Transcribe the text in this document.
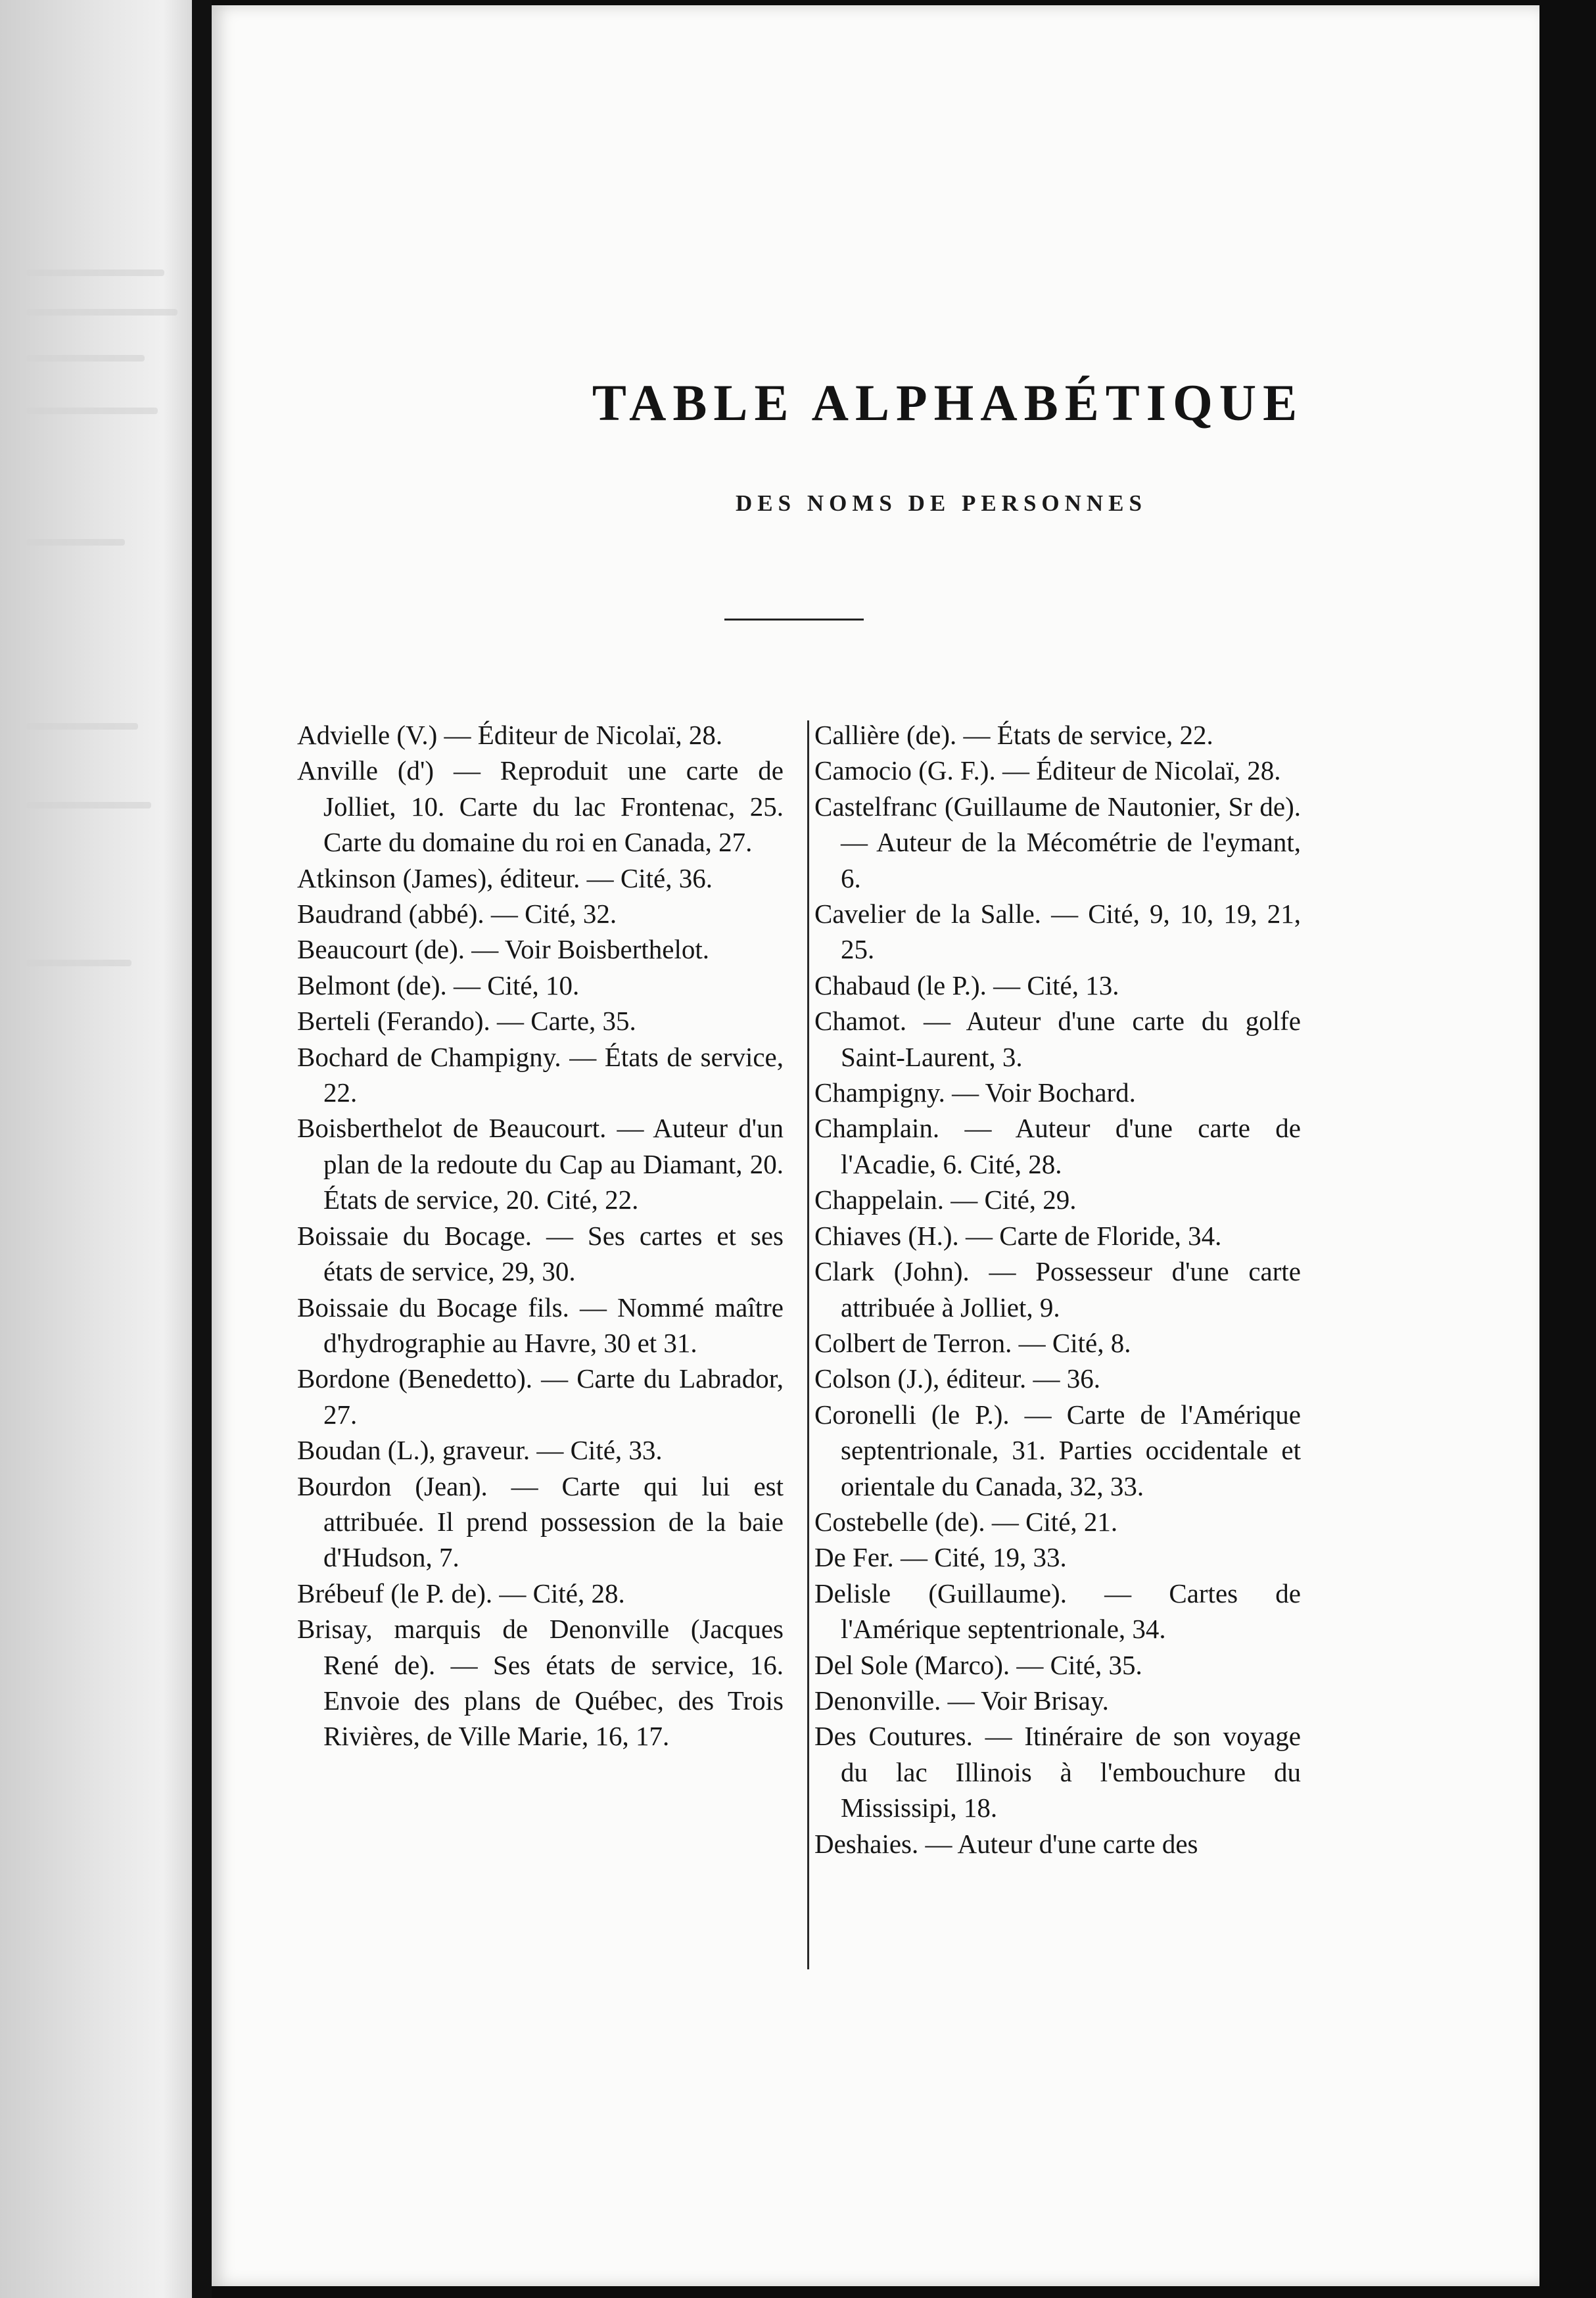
TABLE ALPHABÉTIQUE
DES NOMS DE PERSONNES

Advielle (V.) — Éditeur de Nicolaï, 28.

Anville (d') — Reproduit une carte de Jolliet, 10. Carte du lac Frontenac, 25. Carte du domaine du roi en Canada, 27.

Atkinson (James), éditeur. — Cité, 36.

Baudrand (abbé). — Cité, 32.

Beaucourt (de). — Voir Boisberthelot.

Belmont (de). — Cité, 10.

Berteli (Ferando). — Carte, 35.

Bochard de Champigny. — États de service, 22.

Boisberthelot de Beaucourt. — Auteur d'un plan de la redoute du Cap au Diamant, 20. États de service, 20. Cité, 22.

Boissaie du Bocage. — Ses cartes et ses états de service, 29, 30.

Boissaie du Bocage fils. — Nommé maître d'hydrographie au Havre, 30 et 31.

Bordone (Benedetto). — Carte du Labrador, 27.

Boudan (L.), graveur. — Cité, 33.

Bourdon (Jean). — Carte qui lui est attribuée. Il prend possession de la baie d'Hudson, 7.

Brébeuf (le P. de). — Cité, 28.

Brisay, marquis de Denonville (Jacques René de). — Ses états de service, 16. Envoie des plans de Québec, des Trois Rivières, de Ville Marie, 16, 17.

Callière (de). — États de service, 22.

Camocio (G. F.). — Éditeur de Nicolaï, 28.

Castelfranc (Guillaume de Nautonier, Sr de). — Auteur de la Mécométrie de l'eymant, 6.

Cavelier de la Salle. — Cité, 9, 10, 19, 21, 25.

Chabaud (le P.). — Cité, 13.

Chamot. — Auteur d'une carte du golfe Saint-Laurent, 3.

Champigny. — Voir Bochard.

Champlain. — Auteur d'une carte de l'Acadie, 6. Cité, 28.

Chappelain. — Cité, 29.

Chiaves (H.). — Carte de Floride, 34.

Clark (John). — Possesseur d'une carte attribuée à Jolliet, 9.

Colbert de Terron. — Cité, 8.

Colson (J.), éditeur. — 36.

Coronelli (le P.). — Carte de l'Amérique septentrionale, 31. Parties occidentale et orientale du Canada, 32, 33.

Costebelle (de). — Cité, 21.

De Fer. — Cité, 19, 33.

Delisle (Guillaume). — Cartes de l'Amérique septentrionale, 34.

Del Sole (Marco). — Cité, 35.

Denonville. — Voir Brisay.

Des Coutures. — Itinéraire de son voyage du lac Illinois à l'embouchure du Mississipi, 18.

Deshaies. — Auteur d'une carte des
